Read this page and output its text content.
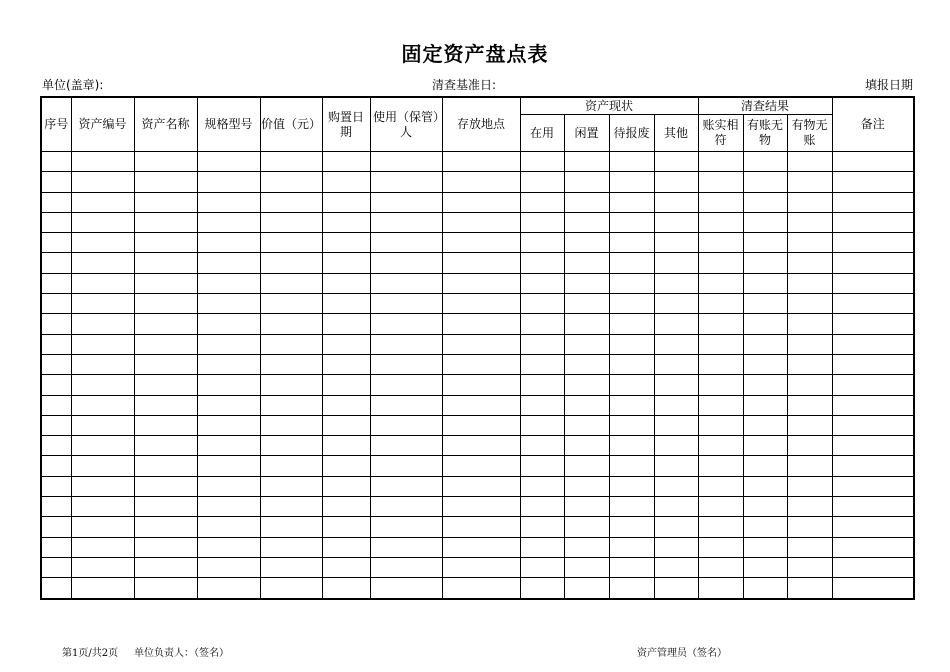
固定资产盘点表
单位(盖章):	清查基准日:	填报日期
序号	资产编号	资产名称	规格型号	价值（元）	购置日期	使用（保管）人	存放地点	资产现状				清查结果			备注
								在用	闲置	待报废	其他	账实相符	有账无物	有物无账	

第1页/共2页 单位负责人：（签名）	资产管理员（签名）
